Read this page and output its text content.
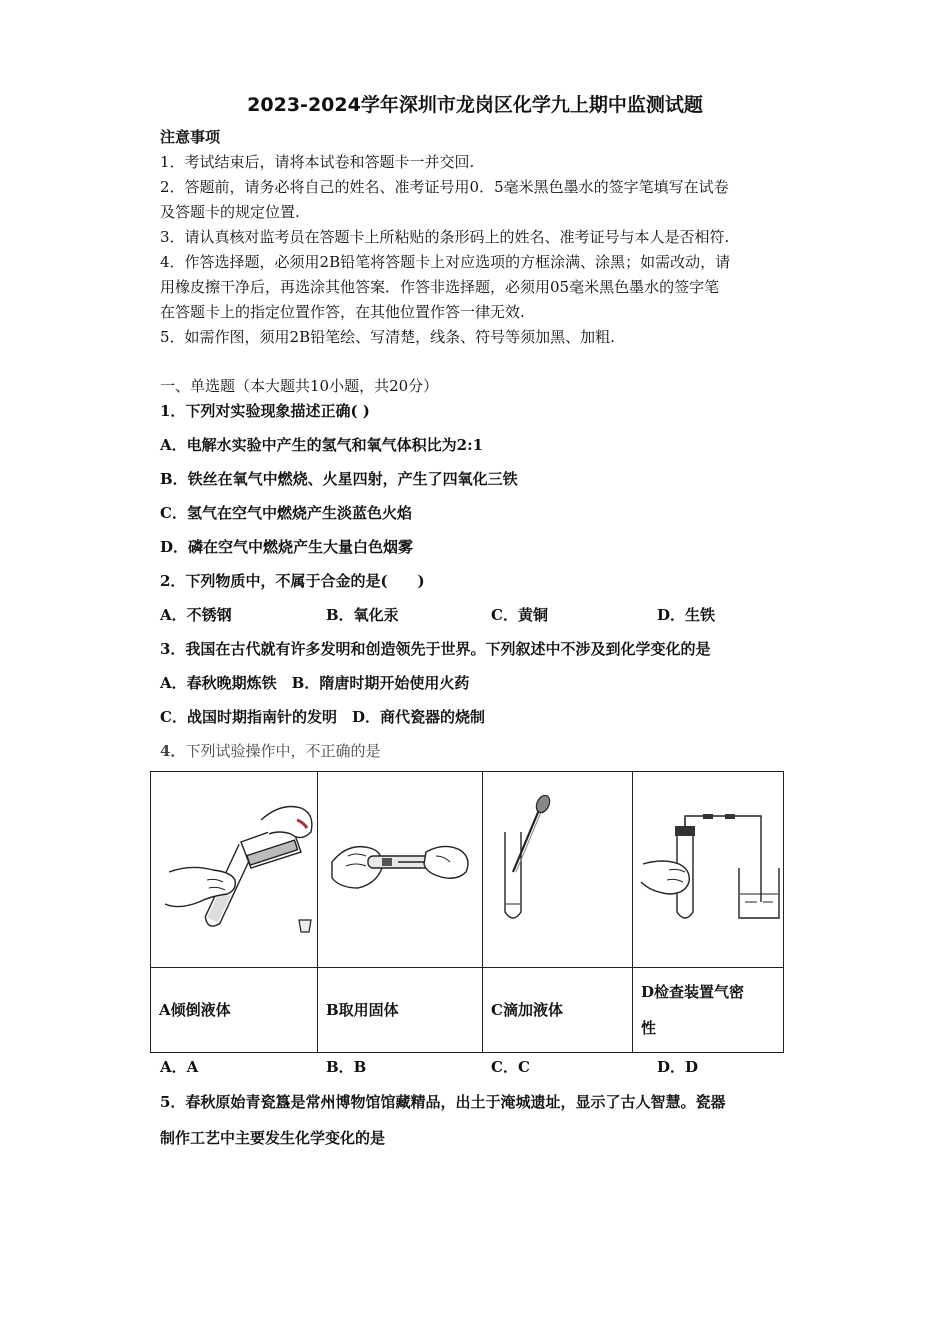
2023-2024学年深圳市龙岗区化学九上期中监测试题
注意事项
1．考试结束后，请将本试卷和答题卡一并交回.
2．答题前，请务必将自己的姓名、准考证号用0．5毫米黑色墨水的签字笔填写在试卷
及答题卡的规定位置.
3．请认真核对监考员在答题卡上所粘贴的条形码上的姓名、准考证号与本人是否相符.
4．作答选择题，必须用2B铅笔将答题卡上对应选项的方框涂满、涂黑；如需改动，请
用橡皮擦干净后，再选涂其他答案．作答非选择题，必须用05毫米黑色墨水的签字笔
在答题卡上的指定位置作答，在其他位置作答一律无效.
5．如需作图，须用2B铅笔绘、写清楚，线条、符号等须加黑、加粗.
一、单选题（本大题共10小题，共20分）
1．下列对实验现象描述正确( )
A．电解水实验中产生的氢气和氧气体积比为2:1
B．铁丝在氧气中燃烧、火星四射，产生了四氧化三铁
C．氢气在空气中燃烧产生淡蓝色火焰
D．磷在空气中燃烧产生大量白色烟雾
2．下列物质中，不属于合金的是(　　)
A．不锈钢	B．氧化汞	C．黄铜	D．生铁
3．我国在古代就有许多发明和创造领先于世界。下列叙述中不涉及到化学变化的是
A．春秋晚期炼铁　B．隋唐时期开始使用火药
C．战国时期指南针的发明　D．商代瓷器的烧制
4．下列试验操作中，不正确的是

A倾倒液体	B取用固体	C滴加液体	D检查装置气密
性
A．A	B．B	C．C	D．D
5．春秋原始青瓷簋是常州博物馆馆藏精品，出土于淹城遗址，显示了古人智慧。瓷器
制作工艺中主要发生化学变化的是
